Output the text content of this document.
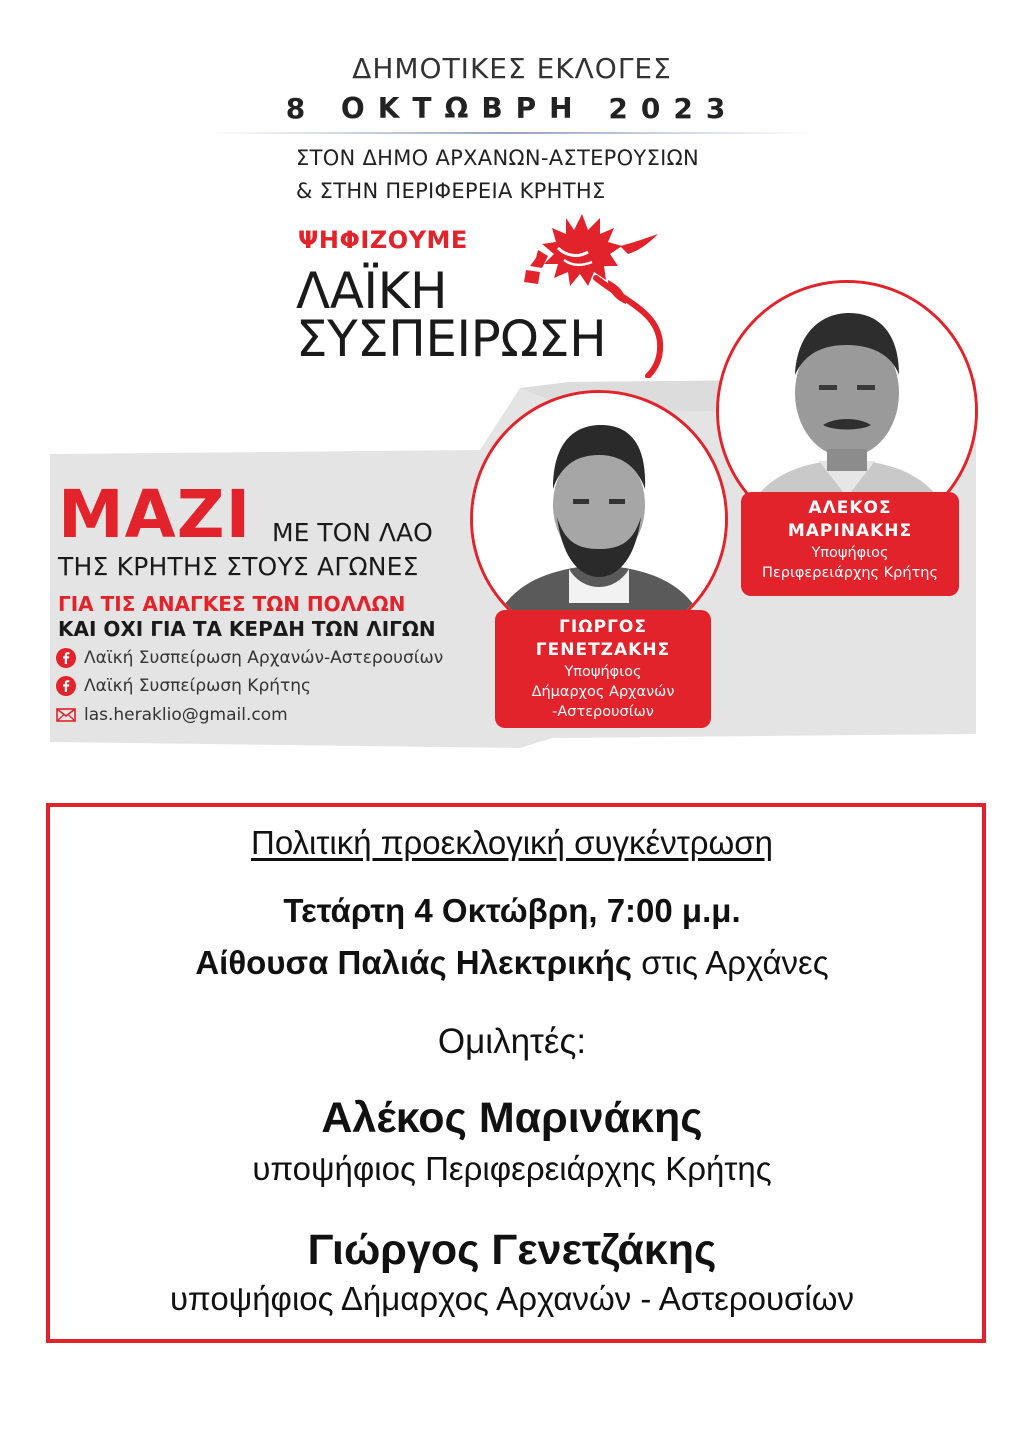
ΔΗΜΟΤΙΚΕΣ ΕΚΛΟΓΕΣ
8 ΟΚΤΩΒΡΗ 2023
ΣΤΟΝ ΔΗΜΟ ΑΡΧΑΝΩΝ-ΑΣΤΕΡΟΥΣΙΩΝ
& ΣΤΗΝ ΠΕΡΙΦΕΡΕΙΑ ΚΡΗΤΗΣ
ΨΗΦΙΖΟΥΜΕ
ΛΑΪΚΗ
ΣΥΣΠΕΙΡΩΣΗ
ΜΑΖΙ ΜΕ ΤΟΝ ΛΑΟ
ΤΗΣ ΚΡΗΤΗΣ ΣΤΟΥΣ ΑΓΩΝΕΣ
ΓΙΑ ΤΙΣ ΑΝΑΓΚΕΣ ΤΩΝ ΠΟΛΛΩΝ
ΚΑΙ ΟΧΙ ΓΙΑ ΤΑ ΚΕΡΔΗ ΤΩΝ ΛΙΓΩΝ
Λαϊκή Συσπείρωση Αρχανών-Αστερουσίων
Λαϊκή Συσπείρωση Κρήτης
las.heraklio@gmail.com
ΑΛΕΚΟΣ
ΜΑΡΙΝΑΚΗΣ
Υποψήφιος
Περιφερειάρχης Κρήτης
ΓΙΩΡΓΟΣ
ΓΕΝΕΤΖΑΚΗΣ
Υποψήφιος
Δήμαρχος Αρχανών
-Αστερουσίων
Πολιτική προεκλογική συγκέντρωση
Τετάρτη 4 Οκτώβρη, 7:00 μ.μ.
Αίθουσα Παλιάς Ηλεκτρικής στις Αρχάνες
Ομιλητές:
Αλέκος Μαρινάκης
υποψήφιος Περιφερειάρχης Κρήτης
Γιώργος Γενετζάκης
υποψήφιος Δήμαρχος Αρχανών - Αστερουσίων
